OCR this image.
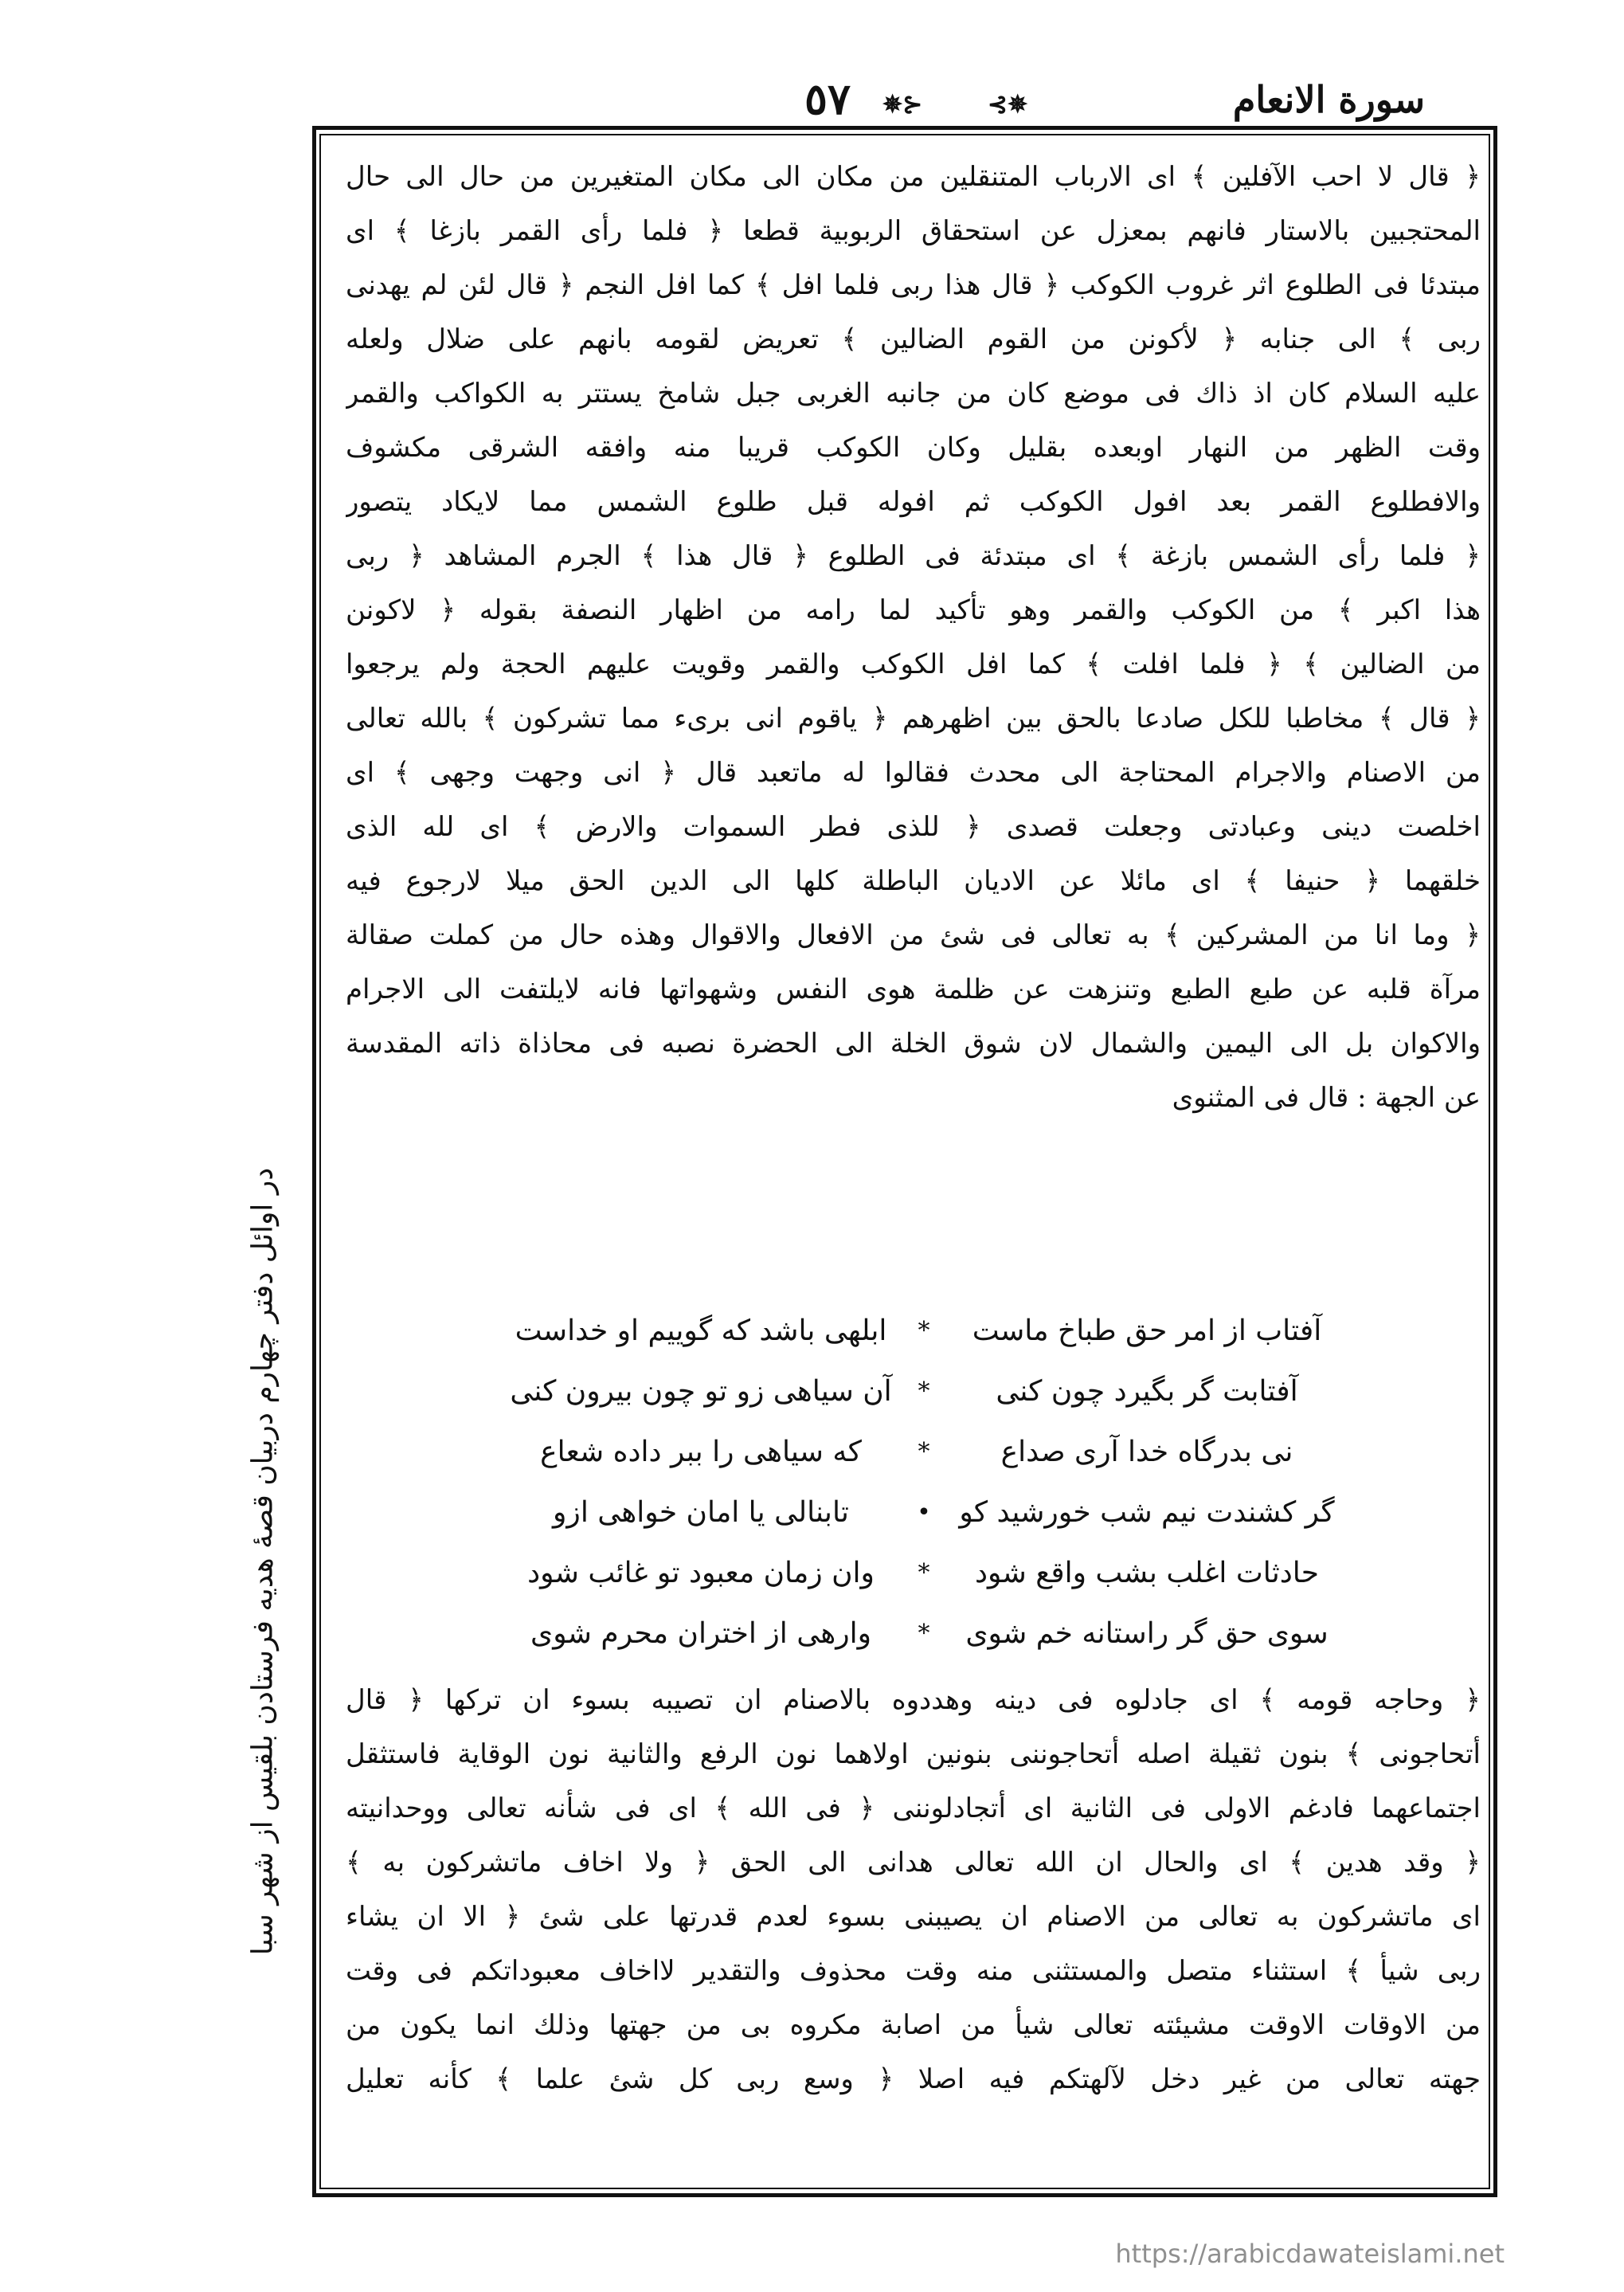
سورة الانعام
✵⊱
٥٧	⊰✵
﴿ قال لا احب الآفلين ﴾ اى الارباب المتنقلين من مكان الى مكان المتغيرين من حال الى حال
المحتجبين بالاستار فانهم بمعزل عن استحقاق الربوبية قطعا ﴿ فلما رأى القمر بازغا ﴾ اى
مبتدئا فى الطلوع اثر غروب الكوكب ﴿ قال هذا ربى فلما افل ﴾ كما افل النجم ﴿ قال لئن لم يهدنى
ربى ﴾ الى جنابه ﴿ لأكونن من القوم الضالين ﴾ تعريض لقومه بانهم على ضلال ولعله
عليه السلام كان اذ ذاك فى موضع كان من جانبه الغربى جبل شامخ يستتر به الكواكب والقمر
وقت الظهر من النهار اوبعده بقليل وكان الكوكب قريبا منه وافقه الشرقى مكشوف
والافطلوع القمر بعد افول الكوكب ثم افوله قبل طلوع الشمس مما لايكاد يتصور
﴿ فلما رأى الشمس بازغة ﴾ اى مبتدئة فى الطلوع ﴿ قال هذا ﴾ الجرم المشاهد ﴿ ربى
هذا اكبر ﴾ من الكوكب والقمر وهو تأكيد لما رامه من اظهار النصفة بقوله ﴿ لاكونن
من الضالين ﴾ ﴿ فلما افلت ﴾ كما افل الكوكب والقمر وقويت عليهم الحجة ولم يرجعوا
﴿ قال ﴾ مخاطبا للكل صادعا بالحق بين اظهرهم ﴿ ياقوم انى برىء مما تشركون ﴾ بالله تعالى
من الاصنام والاجرام المحتاجة الى محدث فقالوا له ماتعبد قال ﴿ انى وجهت وجهى ﴾ اى
اخلصت دينى وعبادتى وجعلت قصدى ﴿ للذى فطر السموات والارض ﴾ اى لله الذى
خلقهما ﴿ حنيفا ﴾ اى مائلا عن الاديان الباطلة كلها الى الدين الحق ميلا لارجوع فيه
﴿ وما انا من المشركين ﴾ به تعالى فى شئ من الافعال والاقوال وهذه حال من كملت صقالة
مرآة قلبه عن طبع الطبع وتنزهت عن ظلمة هوى النفس وشهواتها فانه لايلتفت الى الاجرام
والاكوان بل الى اليمين والشمال لان شوق الخلة الى الحضرة نصبه فى محاذاة ذاته المقدسة
عن الجهة : قال فى المثنوى
آفتاب از امر حق طباخ ماست
*
ابلهى باشد كه گوييم او خداست
آفتابت گر بگيرد چون كنى
*
آن سياهى زو تو چون بيرون كنى
نى بدرگاه خدا آرى صداع
*
كه سياهى را ببر داده شعاع
گر كشندت نيم شب خورشيد كو
•
تابنالى يا امان خواهى ازو
حادثات اغلب بشب واقع شود
*
وان زمان معبود تو غائب شود
سوى حق گر راستانه خم شوى
*
وارهى از اختران محرم شوى
﴿ وحاجه قومه ﴾ اى جادلوه فى دينه وهددوه بالاصنام ان تصيبه بسوء ان تركها ﴿ قال
أتحاجونى ﴾ بنون ثقيلة اصله أتحاجوننى بنونين اولاهما نون الرفع والثانية نون الوقاية فاستثقل
اجتماعهما فادغم الاولى فى الثانية اى أتجادلوننى ﴿ فى الله ﴾ اى فى شأنه تعالى ووحدانيته
﴿ وقد هدين ﴾ اى والحال ان الله تعالى هدانى الى الحق ﴿ ولا اخاف ماتشركون به ﴾
اى ماتشركون به تعالى من الاصنام ان يصيبنى بسوء لعدم قدرتها على شئ ﴿ الا ان يشاء
ربى شيأ ﴾ استثناء متصل والمستثنى منه وقت محذوف والتقدير لااخاف معبوداتكم فى وقت
من الاوقات الاوقت مشيئته تعالى شيأ من اصابة مكروه بى من جهتها وذلك انما يكون من
جهته تعالى من غير دخل لآلهتكم فيه اصلا ﴿ وسع ربى كل شئ علما ﴾ كأنه تعليل
در اوائل دفتر چهارم دربيان قصهٔ هديه فرستادن بلقيس از شهر سبا
https://arabicdawateislami.net
